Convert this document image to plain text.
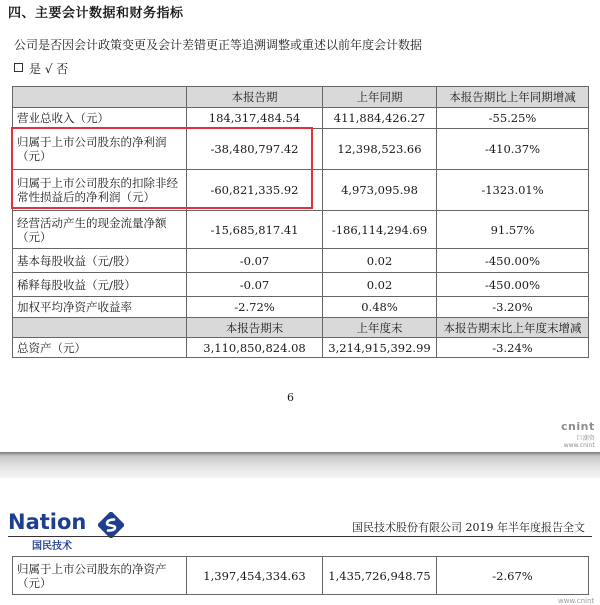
四、主要会计数据和财务指标
公司是否因会计政策变更及会计差错更正等追溯调整或重述以前年度会计数据
是 √ 否
	本报告期	上年同期	本报告期比上年同期增减
营业总收入（元）	184,317,484.54	411,884,426.27	-55.25%
归属于上市公司股东的净利润（元）	-38,480,797.42	12,398,523.66	-410.37%
归属于上市公司股东的扣除非经常性损益后的净利润（元）	-60,821,335.92	4,973,095.98	-1323.01%
经营活动产生的现金流量净额（元）	-15,685,817.41	-186,114,294.69	91.57%
基本每股收益（元/股）	-0.07	0.02	-450.00%
稀释每股收益（元/股）	-0.07	0.02	-450.00%
加权平均净资产收益率	-2.72%	0.48%	-3.20%
	本报告期末	上年度末	本报告期末比上年度末增减
总资产（元）	3,110,850,824.08	3,214,915,392.99	-3.24%
6
cnint
巨潮资
www.cnint
Nation
国民技术
国民技术股份有限公司 2019 年半年度报告全文
归属于上市公司股东的净资产（元）	1,397,454,334.63	1,435,726,948.75	-2.67%
www.cnint
